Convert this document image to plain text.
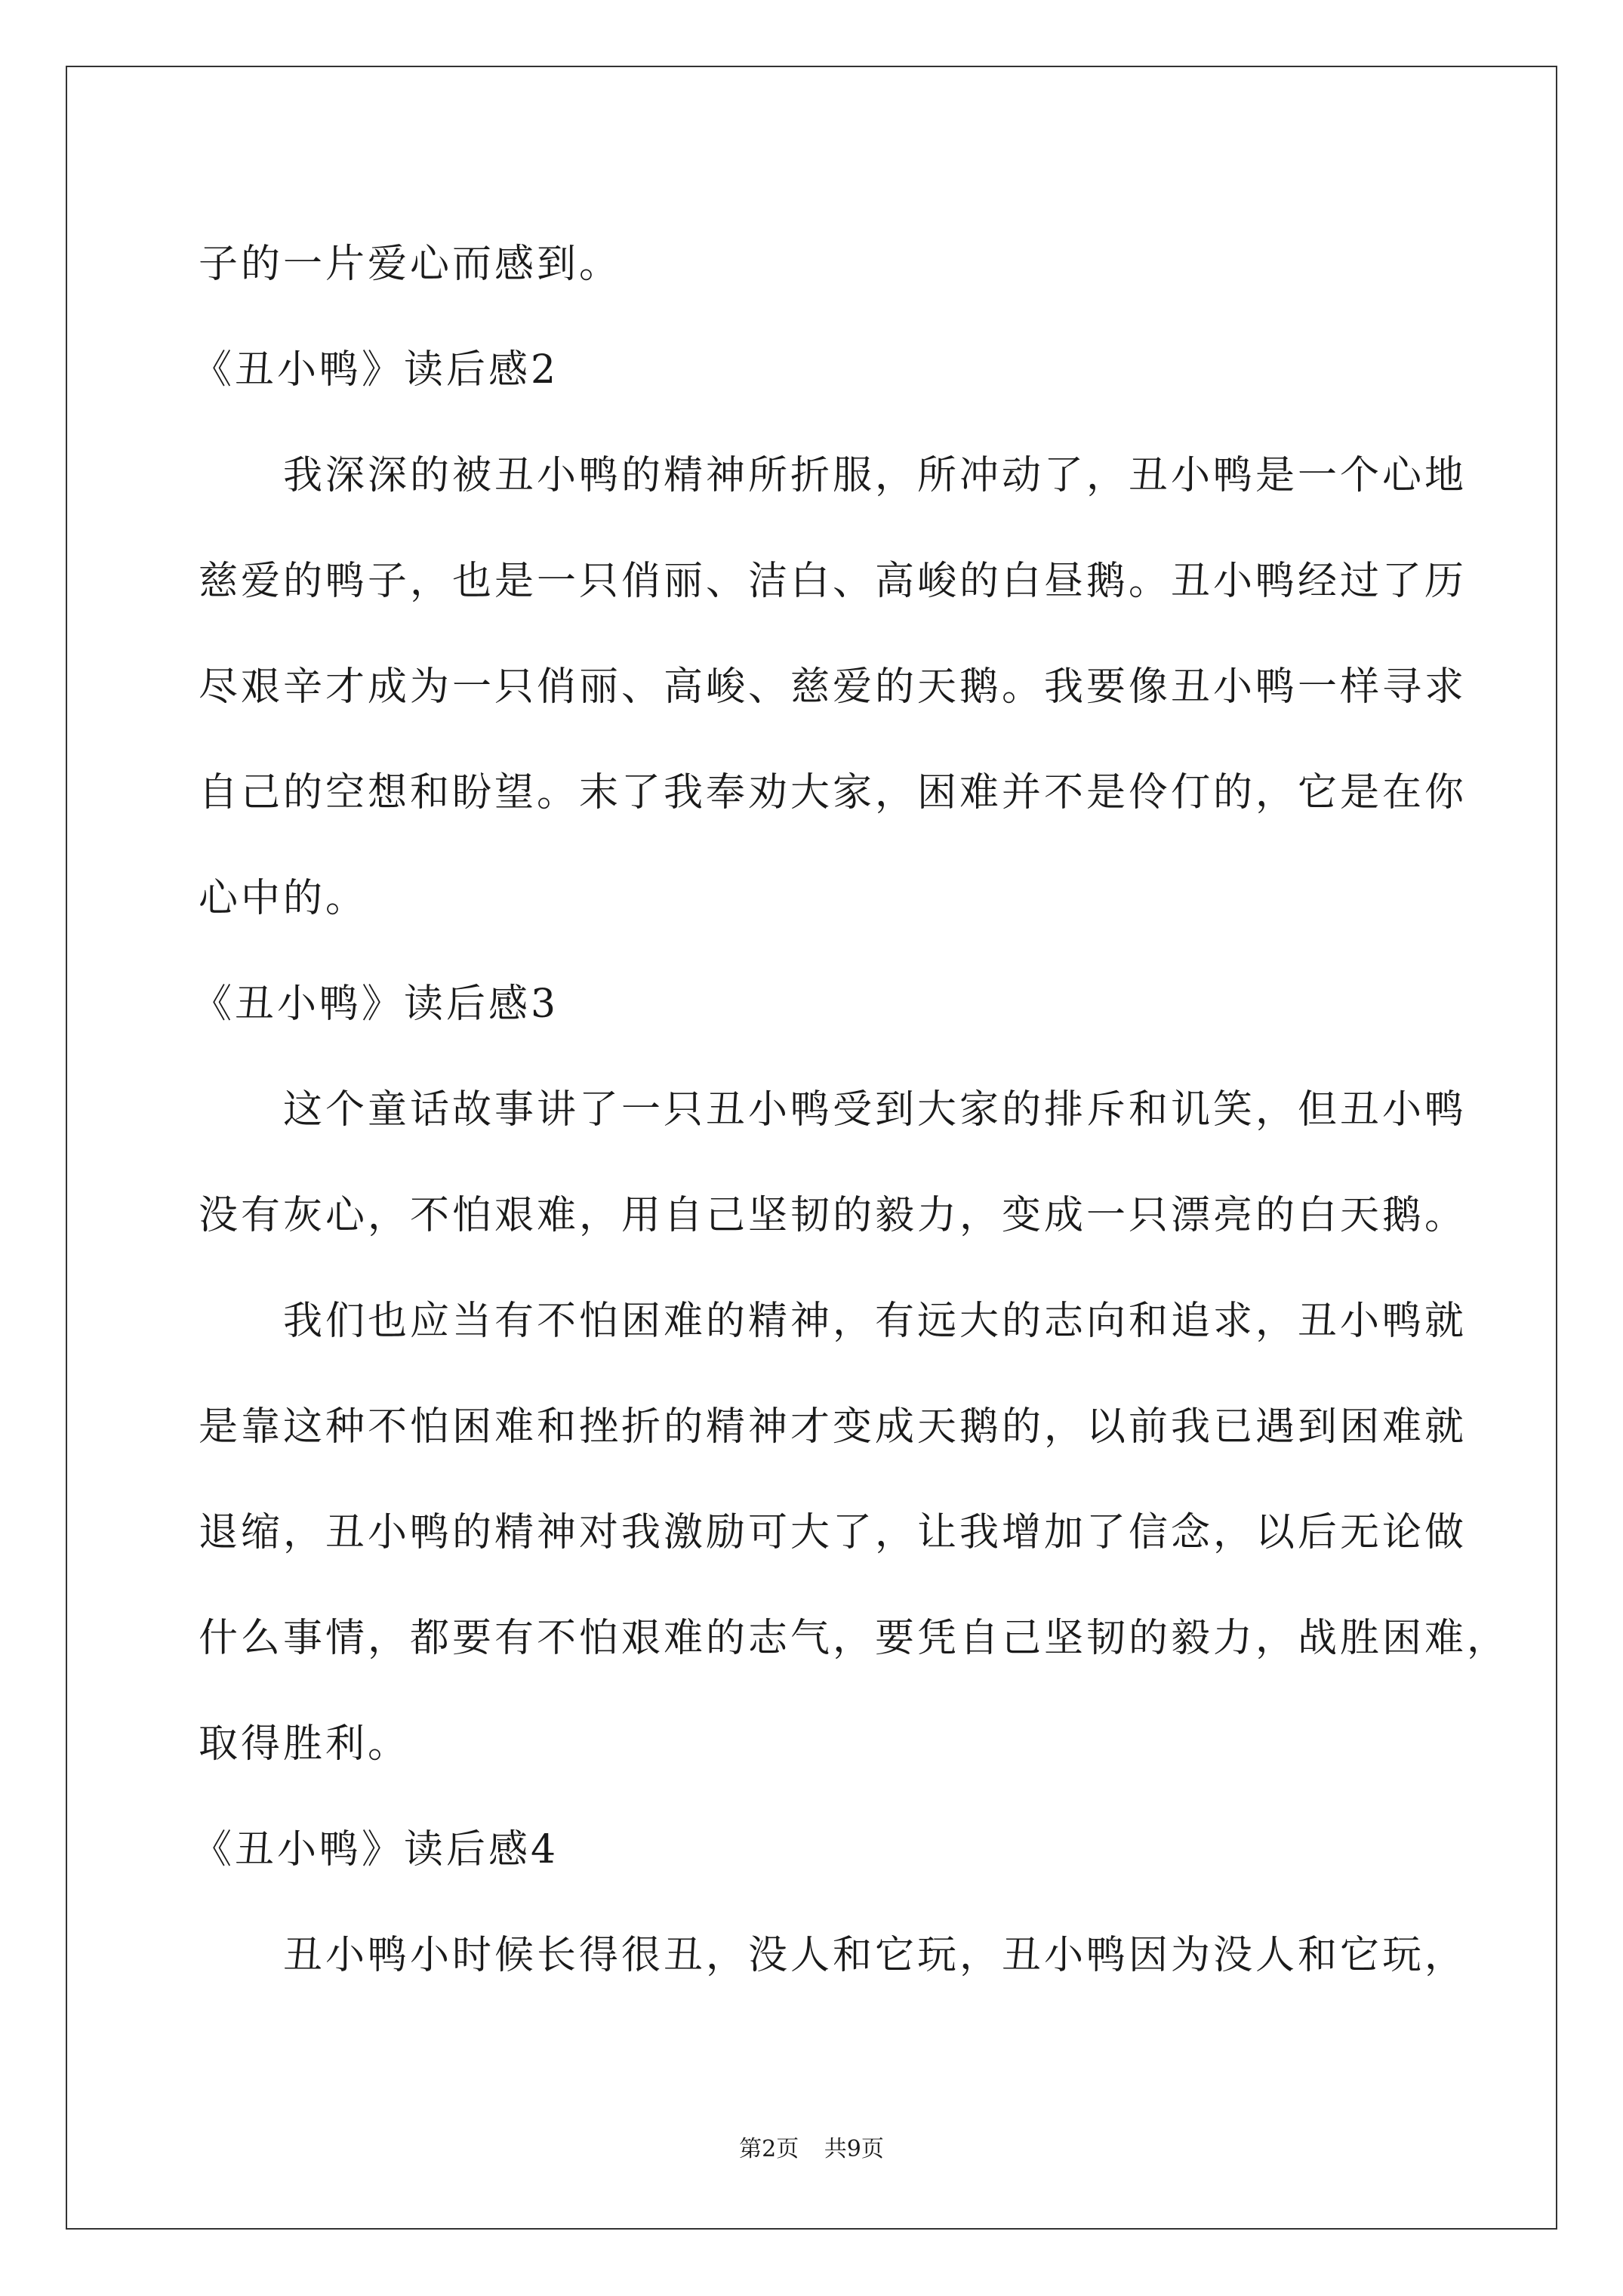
子的一片爱心而感到。
《丑小鸭》读后感2
我深深的被丑小鸭的精神所折服，所冲动了，丑小鸭是一个心地
慈爱的鸭子，也是一只俏丽、洁白、高峻的白昼鹅。丑小鸭经过了历
尽艰辛才成为一只俏丽、高峻、慈爱的天鹅。我要像丑小鸭一样寻求
自己的空想和盼望。末了我奉劝大家，困难并不是伶仃的，它是在你
心中的。
《丑小鸭》读后感3
这个童话故事讲了一只丑小鸭受到大家的排斥和讥笑，但丑小鸭
没有灰心，不怕艰难，用自己坚韧的毅力，变成一只漂亮的白天鹅。
我们也应当有不怕困难的精神，有远大的志向和追求，丑小鸭就
是靠这种不怕困难和挫折的精神才变成天鹅的，以前我已遇到困难就
退缩，丑小鸭的精神对我激励可大了，让我增加了信念，以后无论做
什么事情，都要有不怕艰难的志气，要凭自己坚韧的毅力，战胜困难，
取得胜利。
《丑小鸭》读后感4
丑小鸭小时候长得很丑，没人和它玩，丑小鸭因为没人和它玩，
第2页 共9页
